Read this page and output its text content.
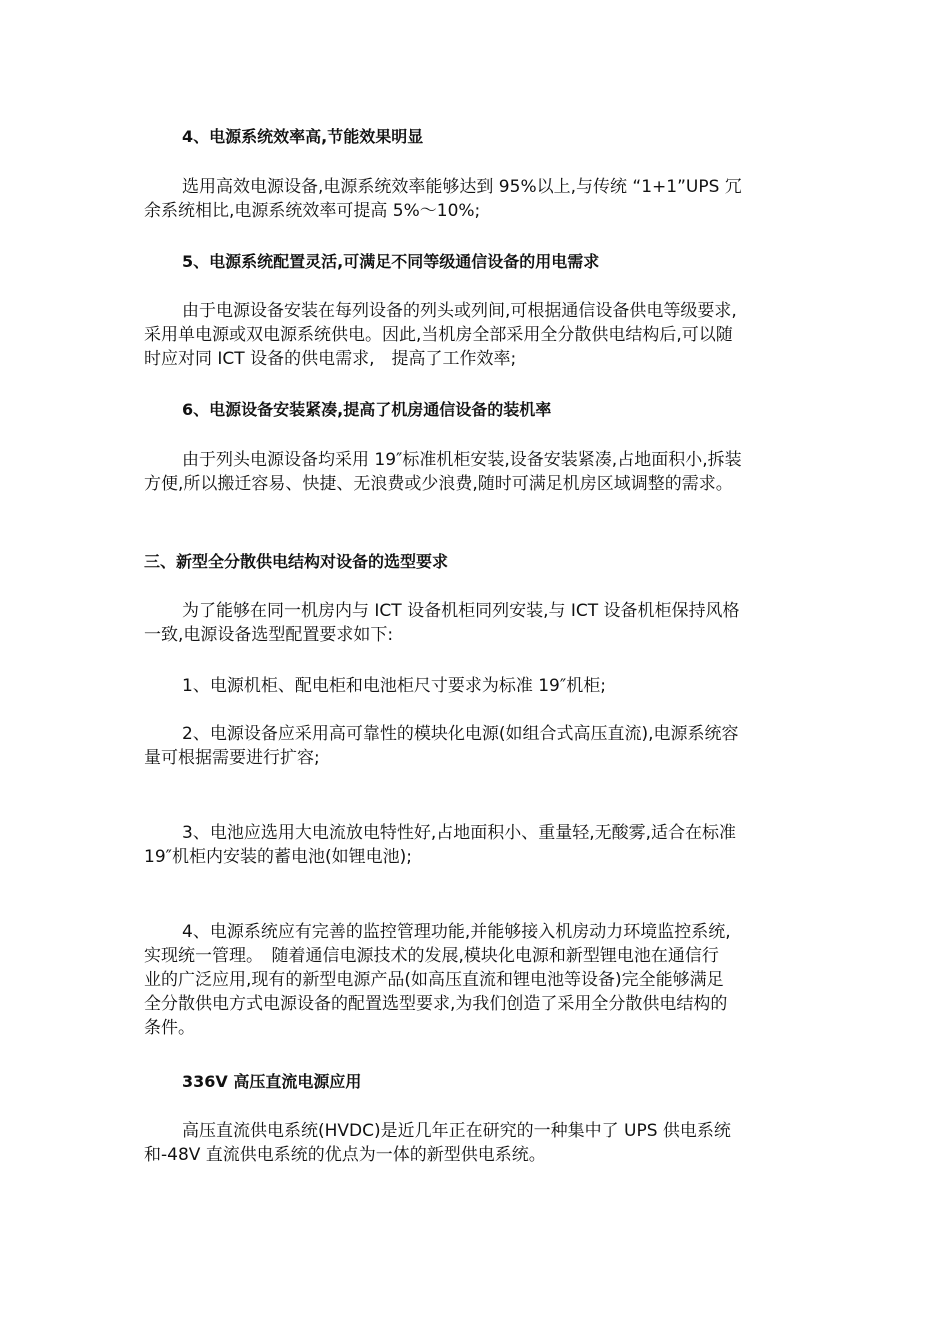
4、电源系统效率高,节能效果明显

选用高效电源设备,电源系统效率能够达到 95%以上,与传统 “1+1”UPS 冗
余系统相比,电源系统效率可提高 5%～10%;

5、电源系统配置灵活,可满足不同等级通信设备的用电需求

由于电源设备安装在每列设备的列头或列间,可根据通信设备供电等级要求,
采用单电源或双电源系统供电。因此,当机房全部采用全分散供电结构后,可以随
时应对同 ICT 设备的供电需求,　提高了工作效率;

6、电源设备安装紧凑,提高了机房通信设备的装机率

由于列头电源设备均采用 19″标准机柜安装,设备安装紧凑,占地面积小,拆装
方便,所以搬迁容易、快捷、无浪费或少浪费,随时可满足机房区域调整的需求。

三、新型全分散供电结构对设备的选型要求

为了能够在同一机房内与 ICT 设备机柜同列安装,与 ICT 设备机柜保持风格
一致,电源设备选型配置要求如下:

1、电源机柜、配电柜和电池柜尺寸要求为标准 19″机柜;

2、电源设备应采用高可靠性的模块化电源(如组合式高压直流),电源系统容
量可根据需要进行扩容;

3、电池应选用大电流放电特性好,占地面积小、重量轻,无酸雾,适合在标准
19″机柜内安装的蓄电池(如锂电池);

4、电源系统应有完善的监控管理功能,并能够接入机房动力环境监控系统,
实现统一管理。　随着通信电源技术的发展,模块化电源和新型锂电池在通信行
业的广泛应用,现有的新型电源产品(如高压直流和锂电池等设备)完全能够满足
全分散供电方式电源设备的配置选型要求,为我们创造了采用全分散供电结构的
条件。

336V 高压直流电源应用

高压直流供电系统(HVDC)是近几年正在研究的一种集中了 UPS 供电系统
和-48V 直流供电系统的优点为一体的新型供电系统。
